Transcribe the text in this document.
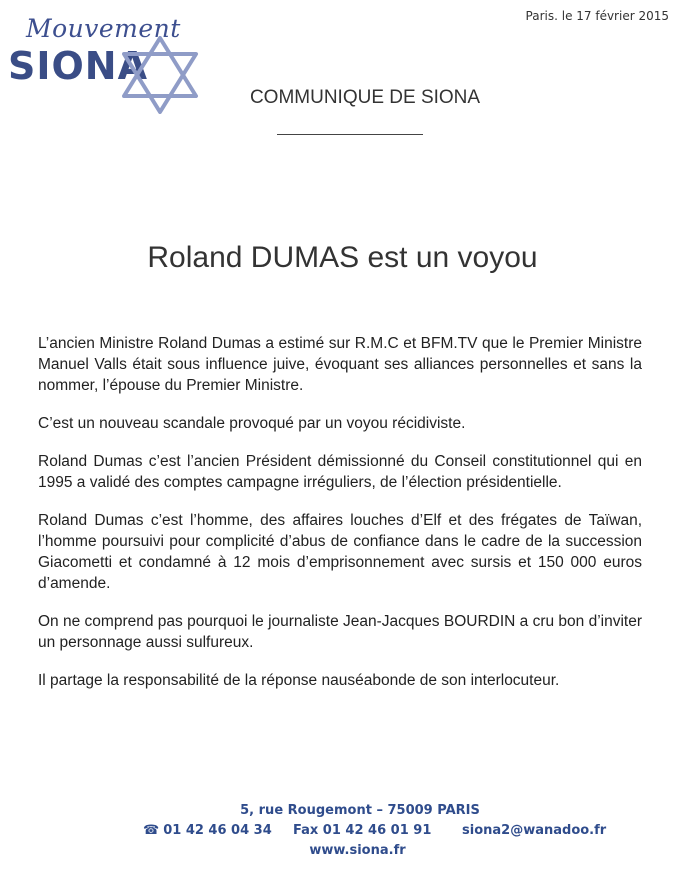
Mouvement
SIONA
Paris. le 17 février 2015
COMMUNIQUE DE SIONA
Roland DUMAS est un voyou

L’ancien Ministre Roland Dumas a estimé sur R.M.C et BFM.TV que le Premier Ministre Manuel Valls était sous influence juive, évoquant ses alliances personnelles et sans la nommer, l’épouse du Premier Ministre.

C’est un nouveau scandale provoqué par un voyou récidiviste.

Roland Dumas c’est l’ancien Président démissionné du Conseil constitutionnel qui en 1995 a validé des comptes campagne irréguliers, de l’élection présidentielle.

Roland Dumas c’est l’homme, des affaires louches d’Elf et des frégates de Taïwan, l’homme poursuivi pour complicité d’abus de confiance dans le cadre de la succession Giacometti et condamné à 12 mois d’emprisonnement avec sursis et 150 000 euros d’amende.

On ne comprend pas pourquoi le journaliste Jean-Jacques BOURDIN a cru bon d’inviter un personnage aussi sulfureux.

Il partage la responsabilité de la réponse nauséabonde de son interlocuteur.

5, rue Rougemont – 75009 PARIS
☎ 01 42 46 04 34 Fax 01 42 46 01 91 siona2@wanadoo.fr
www.siona.fr
